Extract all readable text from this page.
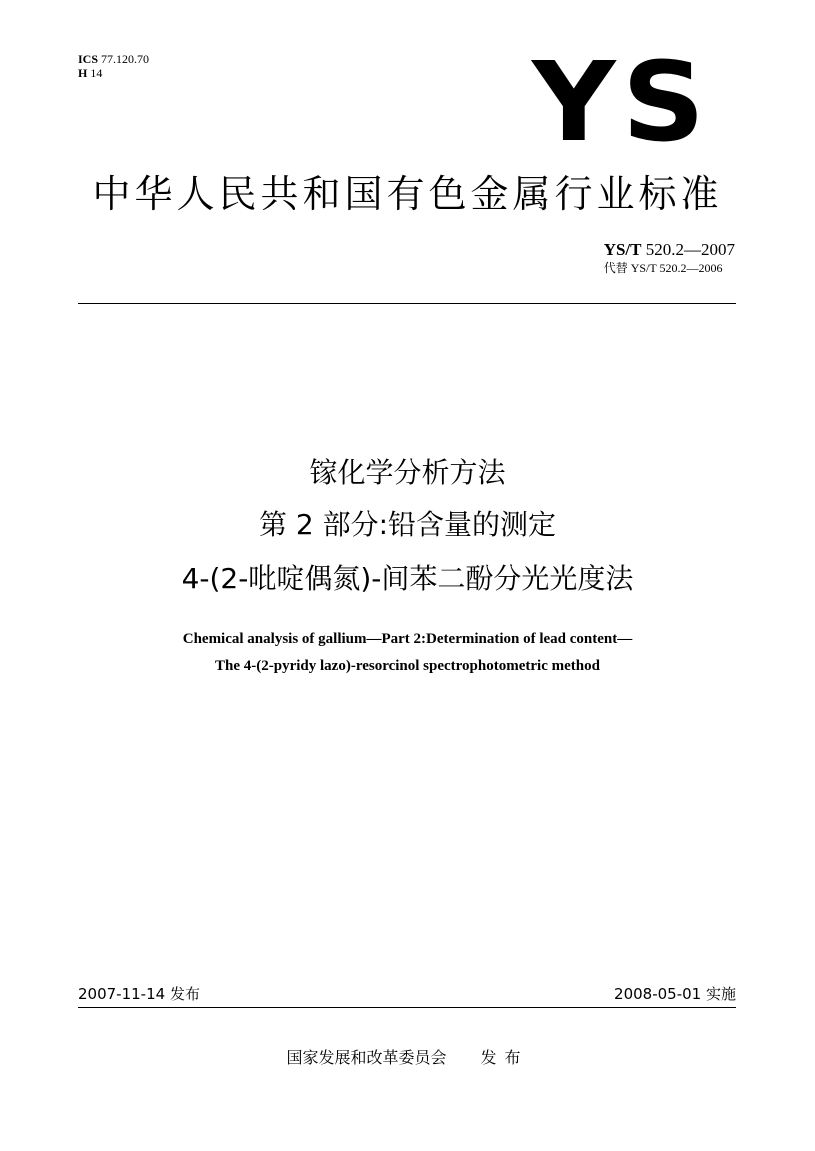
ICS 77.120.70
H 14	YS
中华人民共和国有色金属行业标准
YS/T 520.2—2007
代替 YS/T 520.2—2006
镓化学分析方法
第 2 部分:铅含量的测定
4-(2-吡啶偶氮)-间苯二酚分光光度法
Chemical analysis of gallium—Part 2:Determination of lead content—
The 4-(2-pyridy lazo)-resorcinol spectrophotometric method
2007-11-14 发布	2008-05-01 实施
国家发展和改革委员会 发布
